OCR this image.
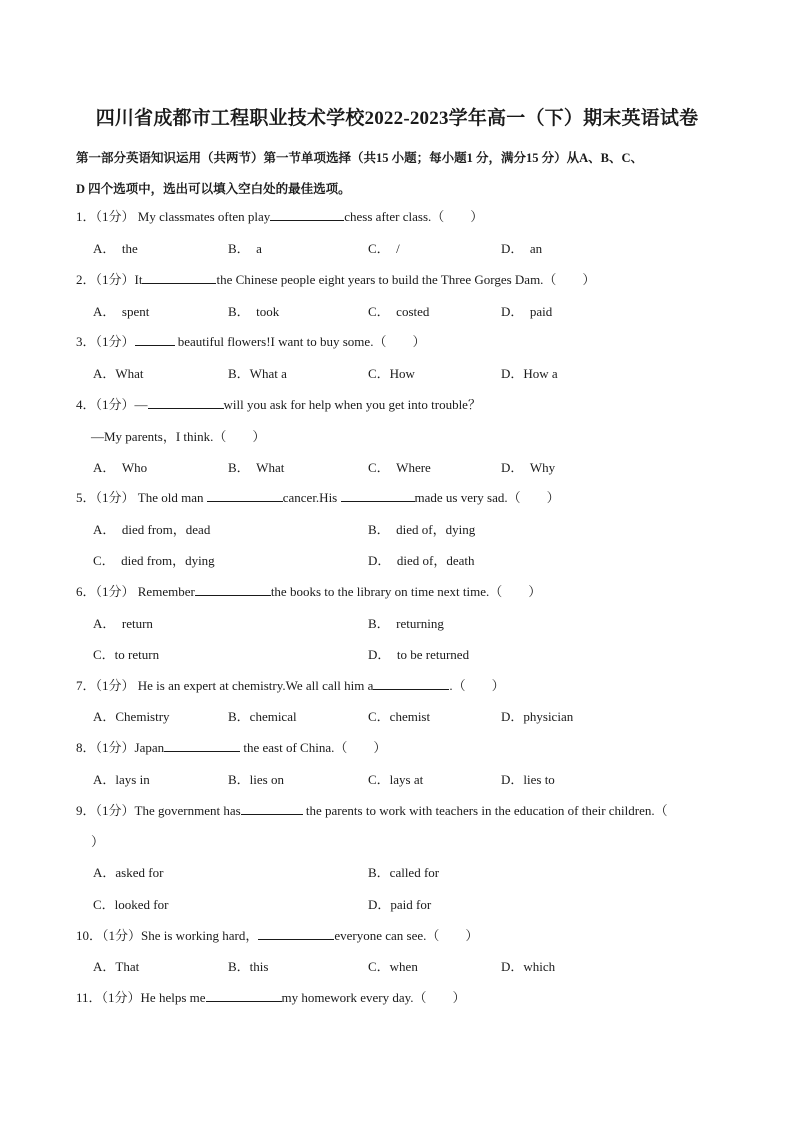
四川省成都市工程职业技术学校2022-2023学年高一（下）期末英语试卷
第一部分英语知识运用（共两节）第一节单项选择（共15 小题；每小题1 分，满分15 分）从A、B、C、
D 四个选项中，选出可以填入空白处的最佳选项。
1．（1分） My classmates often play	chess after class.（　　）
A．　the	B．　a	C．　/	D．　an
2．（1分）It	the Chinese people eight years to build the Three Gorges Dam.（　　）
A．　spent	B．　took	C．　costed	D．　paid
3．（1分）	beautiful flowers!I want to buy some.（　　）
A．What	B．What a	C．How	D．How a
4．（1分）—	will you ask for help when you get into trouble？
—My parents，I think.（　　）
A．　Who	B．　What	C．　Where	D．　Why
5．（1分） The old man	cancer.His	made us very sad.（　　）
A．　died from，dead	B．　died of，dying
C．　died from，dying	D．　died of，death
6．（1分） Remember	the books to the library on time next time.（　　）
A．　return	B．　returning
C．to return	D．　to be returned
7．（1分） He is an expert at chemistry.We all call him a	.（　　）
A．Chemistry	B．chemical	C．chemist	D．physician
8．（1分）Japan	the east of China.（　　）
A．lays in	B．lies on	C．lays at	D．lies to
9．（1分）The government has	the parents to work with teachers in the education of their children.（
）
A．asked for	B．called for
C．looked for	D．paid for
10．（1分）She is working hard，	everyone can see.（　　）
A．That	B．this	C．when	D．which
11．（1分）He helps me	my homework every day.（　　）
